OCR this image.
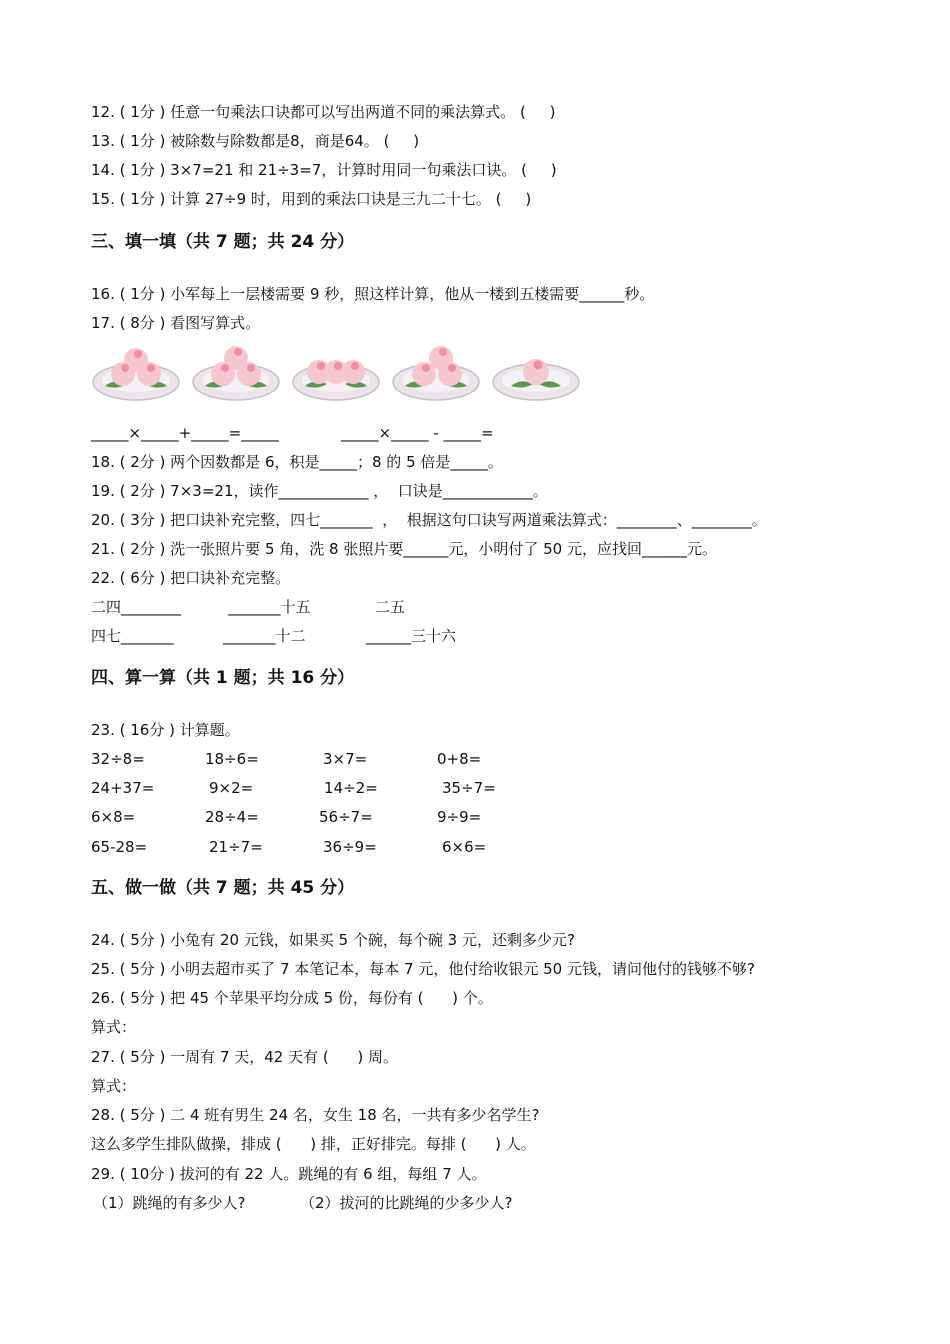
12. ( 1分 ) 任意一句乘法口诀都可以写出两道不同的乘法算式。 (     )
13. ( 1分 ) 被除数与除数都是8，商是64。 (     )
14. ( 1分 ) 3×7=21 和 21÷3=7，计算时用同一句乘法口诀。 (     )
15. ( 1分 ) 计算 27÷9 时，用到的乘法口诀是三九二十七。 (     )
三、填一填（共 7 题；共 24 分）
16. ( 1分 ) 小军每上一层楼需要 9 秒，照这样计算，他从一楼到五楼需要______秒。
17. ( 8分 ) 看图写算式。
_____×_____+_____=_____	_____×_____ - _____=
18. ( 2分 ) 两个因数都是 6，积是_____；8 的 5 倍是_____。
19. ( 2分 ) 7×3=21，读作____________ ，  口诀是____________。
20. ( 3分 ) 把口诀补充完整，四七_______  ，  根据这句口诀写两道乘法算式：________、________。
21. ( 2分 ) 洗一张照片要 5 角，洗 8 张照片要______元，小明付了 50 元，应找回______元。
22. ( 6分 ) 把口诀补充完整。
二四________	_______十五	二五
四七_______	_______十二	______三十六
四、算一算（共 1 题；共 16 分）
23. ( 16分 ) 计算题。
32÷8=	18÷6=	3×7=	0+8=
24+37=	9×2=	14÷2=	35÷7=
6×8=	28÷4=	56÷7=	9÷9=
65-28=	21÷7=	36÷9=	6×6=
五、做一做（共 7 题；共 45 分）
24. ( 5分 ) 小兔有 20 元钱，如果买 5 个碗，每个碗 3 元，还剩多少元?
25. ( 5分 ) 小明去超市买了 7 本笔记本，每本 7 元，他付给收银元 50 元钱，请问他付的钱够不够?
26. ( 5分 ) 把 45 个苹果平均分成 5 份，每份有 (      ) 个。
算式：
27. ( 5分 ) 一周有 7 天，42 天有 (      ) 周。
算式：
28. ( 5分 ) 二 4 班有男生 24 名，女生 18 名，一共有多少名学生?
这么多学生排队做操，排成 (      ) 排，正好排完。每排 (      ) 人。
29. ( 10分 ) 拔河的有 22 人。跳绳的有 6 组，每组 7 人。
（1）跳绳的有多少人?	（2）拔河的比跳绳的少多少人?
